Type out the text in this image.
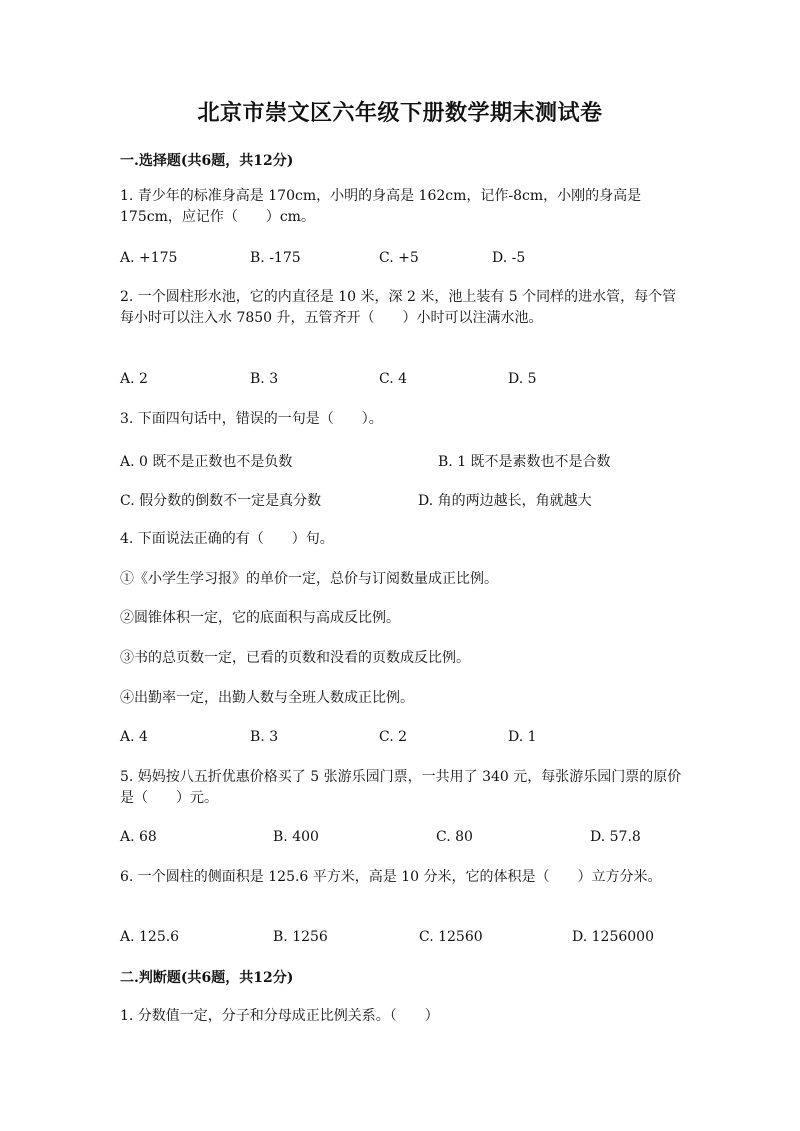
北京市崇文区六年级下册数学期末测试卷
一.选择题(共6题，共12分)
1. 青少年的标准身高是 170cm，小明的身高是 162cm，记作-8cm，小刚的身高是 175cm，应记作（　　）cm。
A. +175	B. -175	C. +5	D. -5
2. 一个圆柱形水池，它的内直径是 10 米，深 2 米，池上装有 5 个同样的进水管，每个管每小时可以注入水 7850 升，五管齐开（　　）小时可以注满水池。
A. 2	B. 3	C. 4	D. 5
3. 下面四句话中，错误的一句是（　　）。
A. 0 既不是正数也不是负数	B. 1 既不是素数也不是合数
C. 假分数的倒数不一定是真分数	D. 角的两边越长，角就越大
4. 下面说法正确的有（　　）句。
①《小学生学习报》的单价一定，总价与订阅数量成正比例。
②圆锥体积一定，它的底面积与高成反比例。
③书的总页数一定，已看的页数和没看的页数成反比例。
④出勤率一定，出勤人数与全班人数成正比例。
A. 4	B. 3	C. 2	D. 1
5. 妈妈按八五折优惠价格买了 5 张游乐园门票，一共用了 340 元，每张游乐园门票的原价是（　　）元。
A. 68	B. 400	C. 80	D. 57.8
6. 一个圆柱的侧面积是 125.6 平方米，高是 10 分米，它的体积是（　　）立方分米。
A. 125.6	B. 1256	C. 12560	D. 1256000
二.判断题(共6题，共12分)
1. 分数值一定，分子和分母成正比例关系。（　　）
